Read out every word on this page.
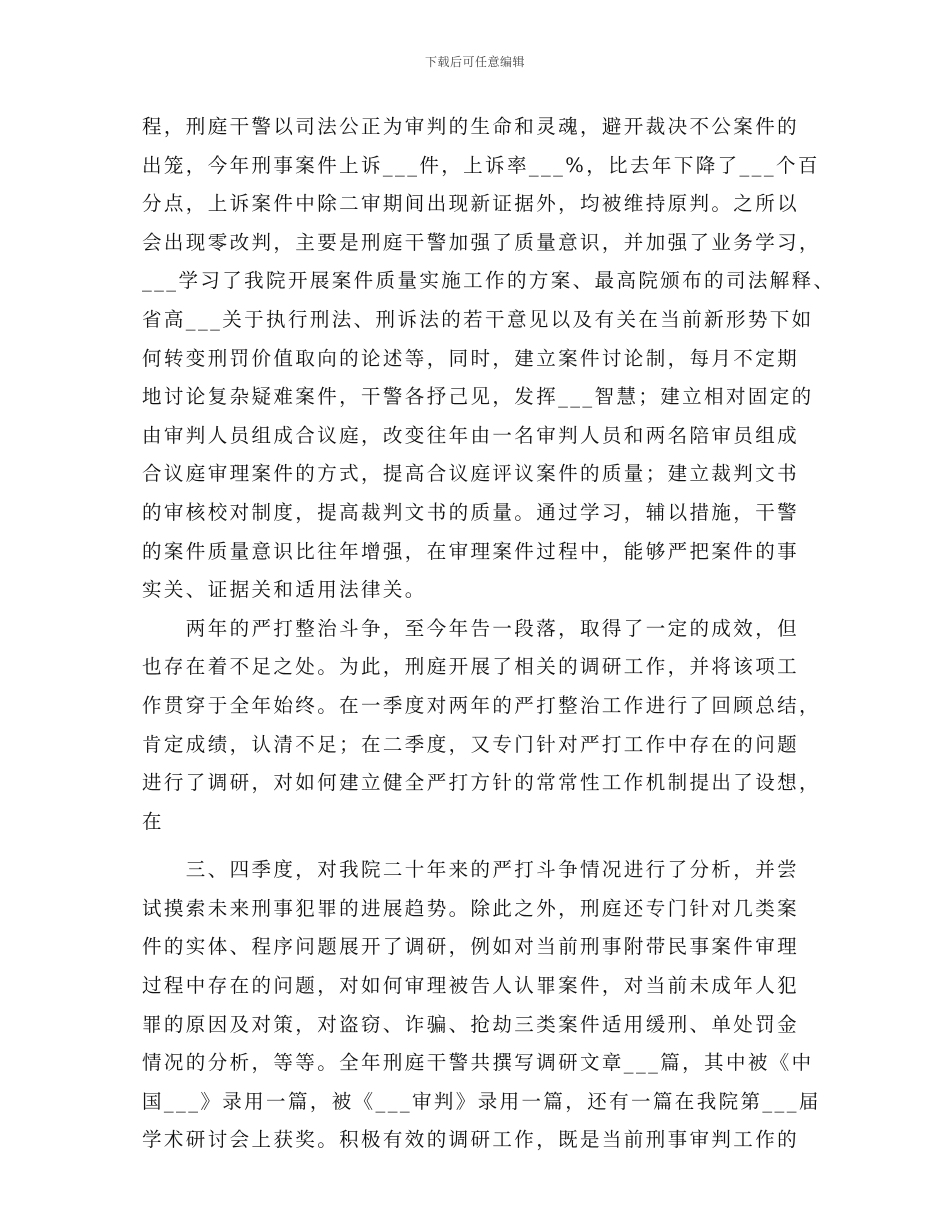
下载后可任意编辑
程，刑庭干警以司法公正为审判的生命和灵魂，避开裁决不公案件的
出笼，今年刑事案件上诉___件，上诉率___%，比去年下降了___个百
分点，上诉案件中除二审期间出现新证据外，均被维持原判。之所以
会出现零改判，主要是刑庭干警加强了质量意识，并加强了业务学习，
___学习了我院开展案件质量实施工作的方案、最高院颁布的司法解释、
省高___关于执行刑法、刑诉法的若干意见以及有关在当前新形势下如
何转变刑罚价值取向的论述等，同时，建立案件讨论制，每月不定期
地讨论复杂疑难案件，干警各抒己见，发挥___智慧；建立相对固定的
由审判人员组成合议庭，改变往年由一名审判人员和两名陪审员组成
合议庭审理案件的方式，提高合议庭评议案件的质量；建立裁判文书
的审核校对制度，提高裁判文书的质量。通过学习，辅以措施，干警
的案件质量意识比往年增强，在审理案件过程中，能够严把案件的事
实关、证据关和适用法律关。
　　两年的严打整治斗争，至今年告一段落，取得了一定的成效，但
也存在着不足之处。为此，刑庭开展了相关的调研工作，并将该项工
作贯穿于全年始终。在一季度对两年的严打整治工作进行了回顾总结，
肯定成绩，认清不足；在二季度，又专门针对严打工作中存在的问题
进行了调研，对如何建立健全严打方针的常常性工作机制提出了设想，
在
　　三、四季度，对我院二十年来的严打斗争情况进行了分析，并尝
试摸索未来刑事犯罪的进展趋势。除此之外，刑庭还专门针对几类案
件的实体、程序问题展开了调研，例如对当前刑事附带民事案件审理
过程中存在的问题，对如何审理被告人认罪案件，对当前未成年人犯
罪的原因及对策，对盗窃、诈骗、抢劫三类案件适用缓刑、单处罚金
情况的分析，等等。全年刑庭干警共撰写调研文章___篇，其中被《中
国___》录用一篇，被《___审判》录用一篇，还有一篇在我院第___届
学术研讨会上获奖。积极有效的调研工作，既是当前刑事审判工作的
